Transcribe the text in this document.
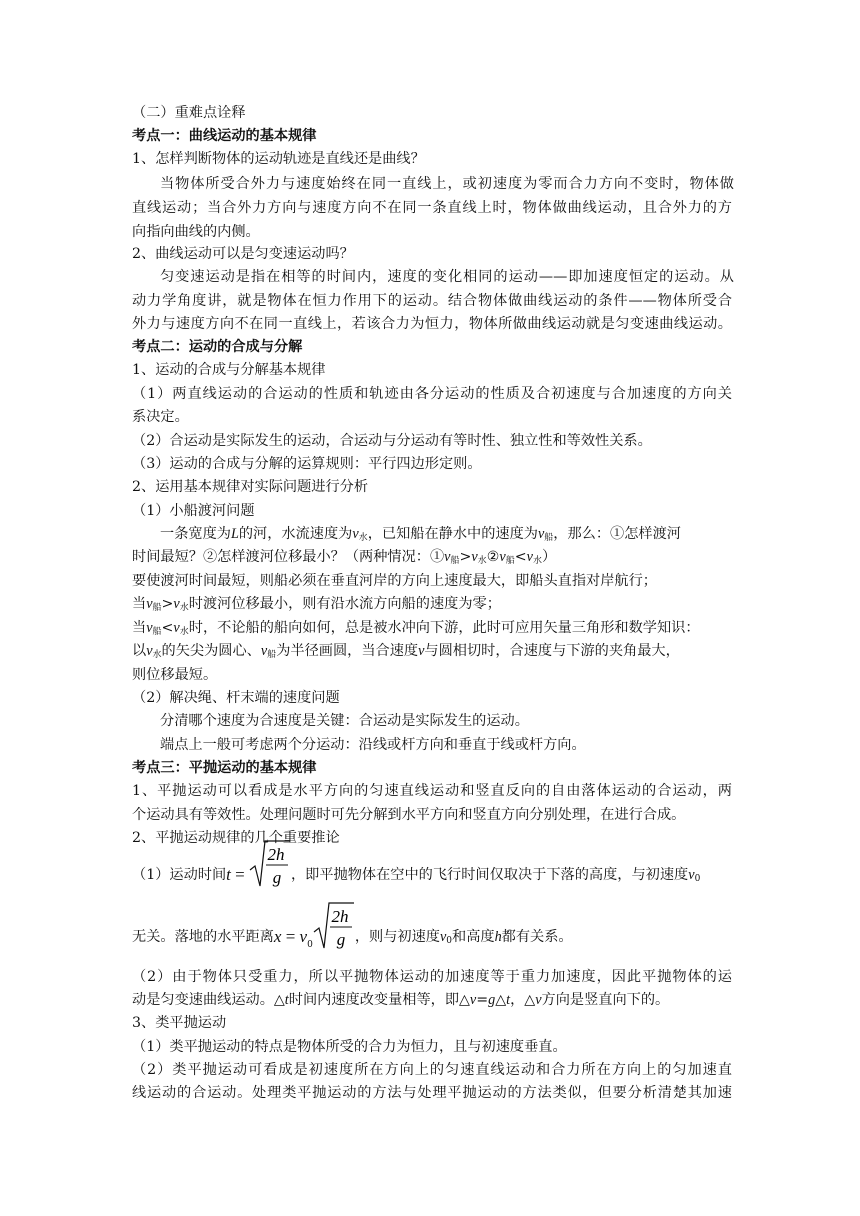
（二）重难点诠释
考点一：曲线运动的基本规律
1、怎样判断物体的运动轨迹是直线还是曲线？
当物体所受合外力与速度始终在同一直线上，或初速度为零而合力方向不变时，物体做
直线运动；当合外力方向与速度方向不在同一条直线上时，物体做曲线运动，且合外力的方
向指向曲线的内侧。
2、曲线运动可以是匀变速运动吗？
匀变速运动是指在相等的时间内，速度的变化相同的运动——即加速度恒定的运动。从
动力学角度讲，就是物体在恒力作用下的运动。结合物体做曲线运动的条件——物体所受合
外力与速度方向不在同一直线上，若该合力为恒力，物体所做曲线运动就是匀变速曲线运动。
考点二：运动的合成与分解
1、运动的合成与分解基本规律
（1）两直线运动的合运动的性质和轨迹由各分运动的性质及合初速度与合加速度的方向关
系决定。
（2）合运动是实际发生的运动，合运动与分运动有等时性、独立性和等效性关系。
（3）运动的合成与分解的运算规则：平行四边形定则。
2、运用基本规律对实际问题进行分析
（1）小船渡河问题
一条宽度为L的河，水流速度为$v_水$，已知船在静水中的速度为$v_船$，那么：①怎样渡河
时间最短？②怎样渡河位移最小？（两种情况：$①v_船>v_水②v_船<v_水$）
要使渡河时间最短，则船必须在垂直河岸的方向上速度最大，即船头直指对岸航行；
当$v_船>v_水$时渡河位移最小，则有沿水流方向船的速度为零；
当$v_船<v_水$时，不论船的船向如何，总是被水冲向下游，此时可应用矢量三角形和数学知识：
以$v_水$的矢尖为圆心、$v_船$为半径画圆，当合速度v与圆相切时，合速度与下游的夹角最大，
则位移最短。
（2）解决绳、杆末端的速度问题
分清哪个速度为合速度是关键：合运动是实际发生的运动。
端点上一般可考虑两个分运动：沿线或杆方向和垂直于线或杆方向。
考点三：平抛运动的基本规律
1、平抛运动可以看成是水平方向的匀速直线运动和竖直反向的自由落体运动的合运动，两
个运动具有等效性。处理问题时可先分解到水平方向和竖直方向分别处理，在进行合成。
2、平抛运动规律的几个重要推论
（1）运动时间t =
2h
g ，即平抛物体在空中的飞行时间仅取决于下落的高度，与初速度$v_0$
无关。落地的水平距离$x = v_0$
2h
g ，则与初速度$v_0$和高度h都有关系。
（2）由于物体只受重力，所以平抛物体运动的加速度等于重力加速度，因此平抛物体的运
动是匀变速曲线运动。△t时间内速度改变量相等，即△v=g△t，△v方向是竖直向下的。
3、类平抛运动
（1）类平抛运动的特点是物体所受的合力为恒力，且与初速度垂直。
（2）类平抛运动可看成是初速度所在方向上的匀速直线运动和合力所在方向上的匀加速直
线运动的合运动。处理类平抛运动的方法与处理平抛运动的方法类似，但要分析清楚其加速
